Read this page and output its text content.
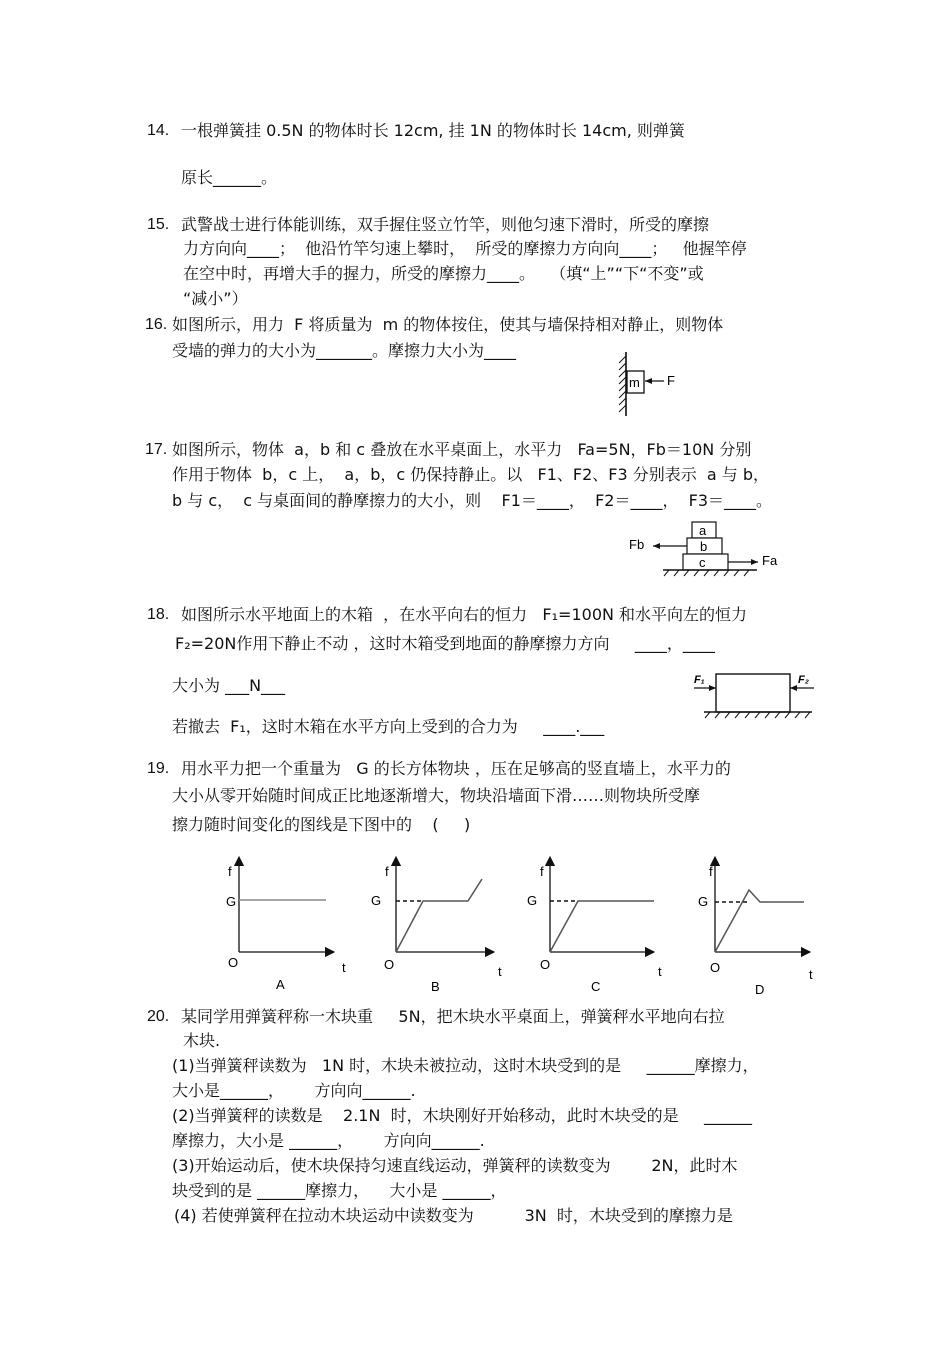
14. 一根弹簧挂 0.5N 的物体时长 12cm, 挂 1N 的物体时长 14cm, 则弹簧
原长______。
15. 武警战士进行体能训练，双手握住竖立竹竿，则他匀速下滑时，所受的摩擦
力方向向____；  他沿竹竿匀速上攀时，  所受的摩擦力方向向____；   他握竿停
在空中时，再增大手的握力，所受的摩擦力____。   （填“上”“下“不变”或
“减小”）
16. 如图所示，用力  F 将质量为  m 的物体按住，使其与墙保持相对静止，则物体
受墙的弹力的大小为_______。摩擦力大小为____
m F
17. 如图所示，物体  a，b 和 c 叠放在水平桌面上，水平力   Fa=5N，Fb＝10N 分别
作用于物体  b，c 上，  a，b，c 仍保持静止。以   F1、F2、F3 分别表示  a 与 b，
b 与 c，  c 与桌面间的静摩擦力的大小，则    F1＝____，  F2＝____，  F3＝____。
a
b
c
Fb
Fa
18. 如图所示水平地面上的木箱  ，在水平向右的恒力   F₁=100N 和水平向左的恒力
F₂=20N作用下静止不动 ，这时木箱受到地面的静摩擦力方向     ____，____
大小为 ___N___
若撤去  F₁，这时木箱在水平方向上受到的合力为     ____.___
F₁	F₂
19. 用水平力把一个重量为   G 的长方体物块 ，压在足够高的竖直墙上，水平力的
大小从零开始随时间成正比地逐渐增大，物块沿墙面下滑……则物块所受摩
擦力随时间变化的图线是下图中的    (     )
f
G
O	t
A
f
G
O	t
B
f
G
O	t
C
f
G
O	t
D
20. 某同学用弹簧秤称一木块重     5N，把木块水平桌面上，弹簧秤水平地向右拉
木块.
(1)当弹簧秤读数为   1N 时，木块未被拉动，这时木块受到的是     ______摩擦力，
大小是______，      方向向______.
(2)当弹簧秤的读数是    2.1N  时，木块刚好开始移动，此时木块受的是     ______
摩擦力，大小是 ______，      方向向______.
(3)开始运动后，使木块保持匀速直线运动，弹簧秤的读数变为        2N，此时木
块受到的是 ______摩擦力，    大小是 ______，
(4) 若使弹簧秤在拉动木块运动中读数变为          3N  时，木块受到的摩擦力是
